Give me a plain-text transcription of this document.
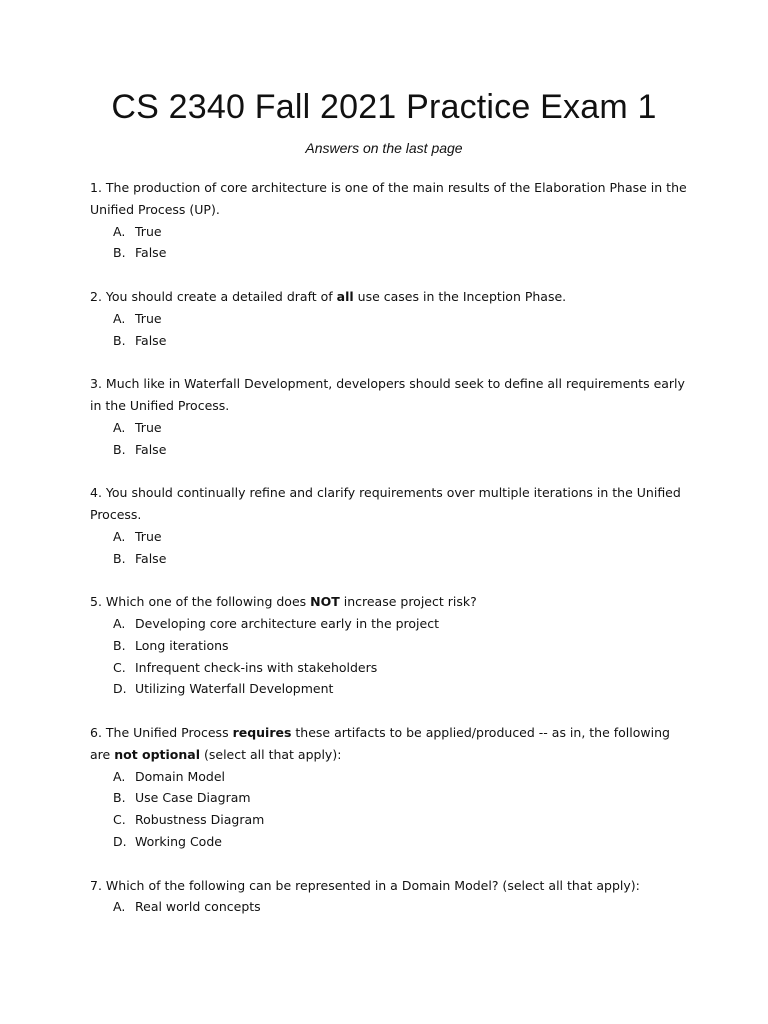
CS 2340 Fall 2021 Practice Exam 1
Answers on the last page

1. The production of core architecture is one of the main results of the Elaboration Phase in the Unified Process (UP).

A. True
B. False

2. You should create a detailed draft of all use cases in the Inception Phase.

A. True
B. False

3. Much like in Waterfall Development, developers should seek to define all requirements early in the Unified Process.

A. True
B. False

4. You should continually refine and clarify requirements over multiple iterations in the Unified Process.

A. True
B. False

5. Which one of the following does NOT increase project risk?

A. Developing core architecture early in the project
B. Long iterations
C. Infrequent check-ins with stakeholders
D. Utilizing Waterfall Development

6. The Unified Process requires these artifacts to be applied/produced -- as in, the following are not optional (select all that apply):

A. Domain Model
B. Use Case Diagram
C. Robustness Diagram
D. Working Code

7. Which of the following can be represented in a Domain Model? (select all that apply):

A. Real world concepts
